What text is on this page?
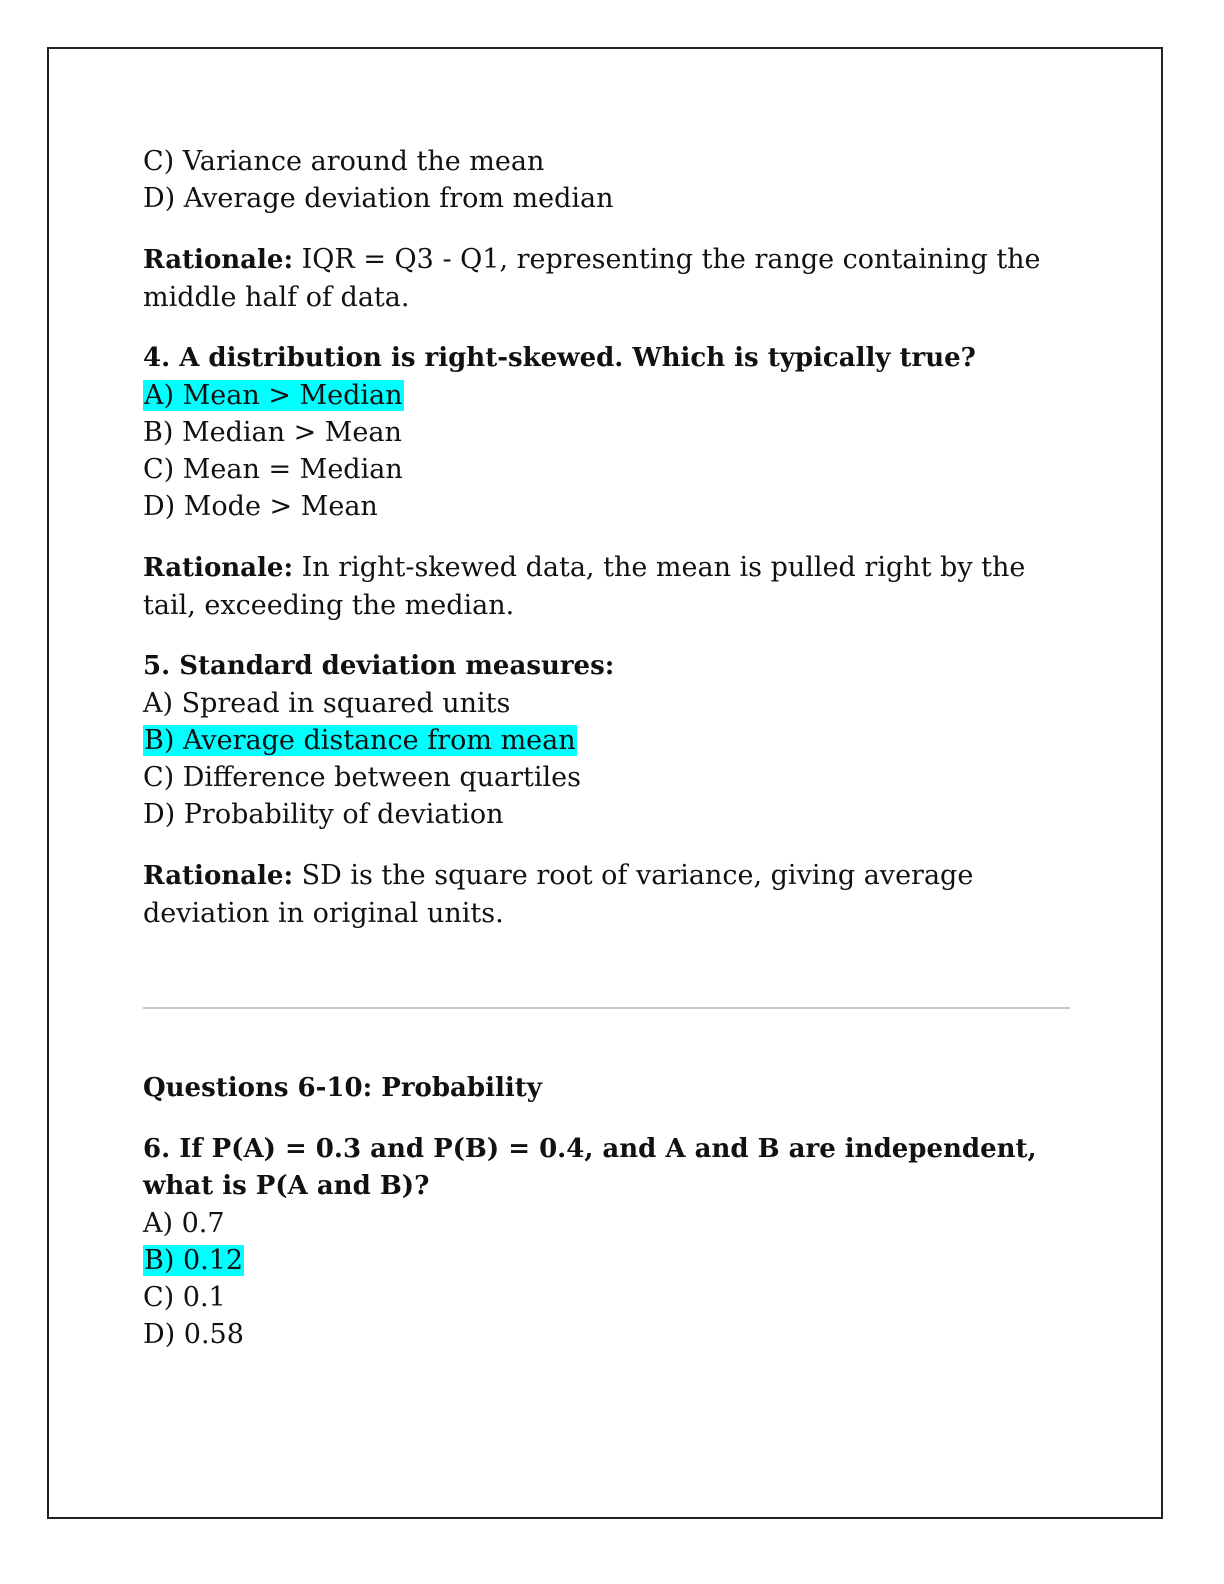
C) Variance around the mean
D) Average deviation from median
Rationale: IQR = Q3 - Q1, representing the range containing the middle half of data.
4. A distribution is right-skewed. Which is typically true?
A) Mean > Median
B) Median > Mean
C) Mean = Median
D) Mode > Mean
Rationale: In right-skewed data, the mean is pulled right by the tail, exceeding the median.
5. Standard deviation measures:
A) Spread in squared units
B) Average distance from mean
C) Difference between quartiles
D) Probability of deviation
Rationale: SD is the square root of variance, giving average deviation in original units.
Questions 6-10: Probability
6. If P(A) = 0.3 and P(B) = 0.4, and A and B are independent, what is P(A and B)?
A) 0.7
B) 0.12
C) 0.1
D) 0.58
